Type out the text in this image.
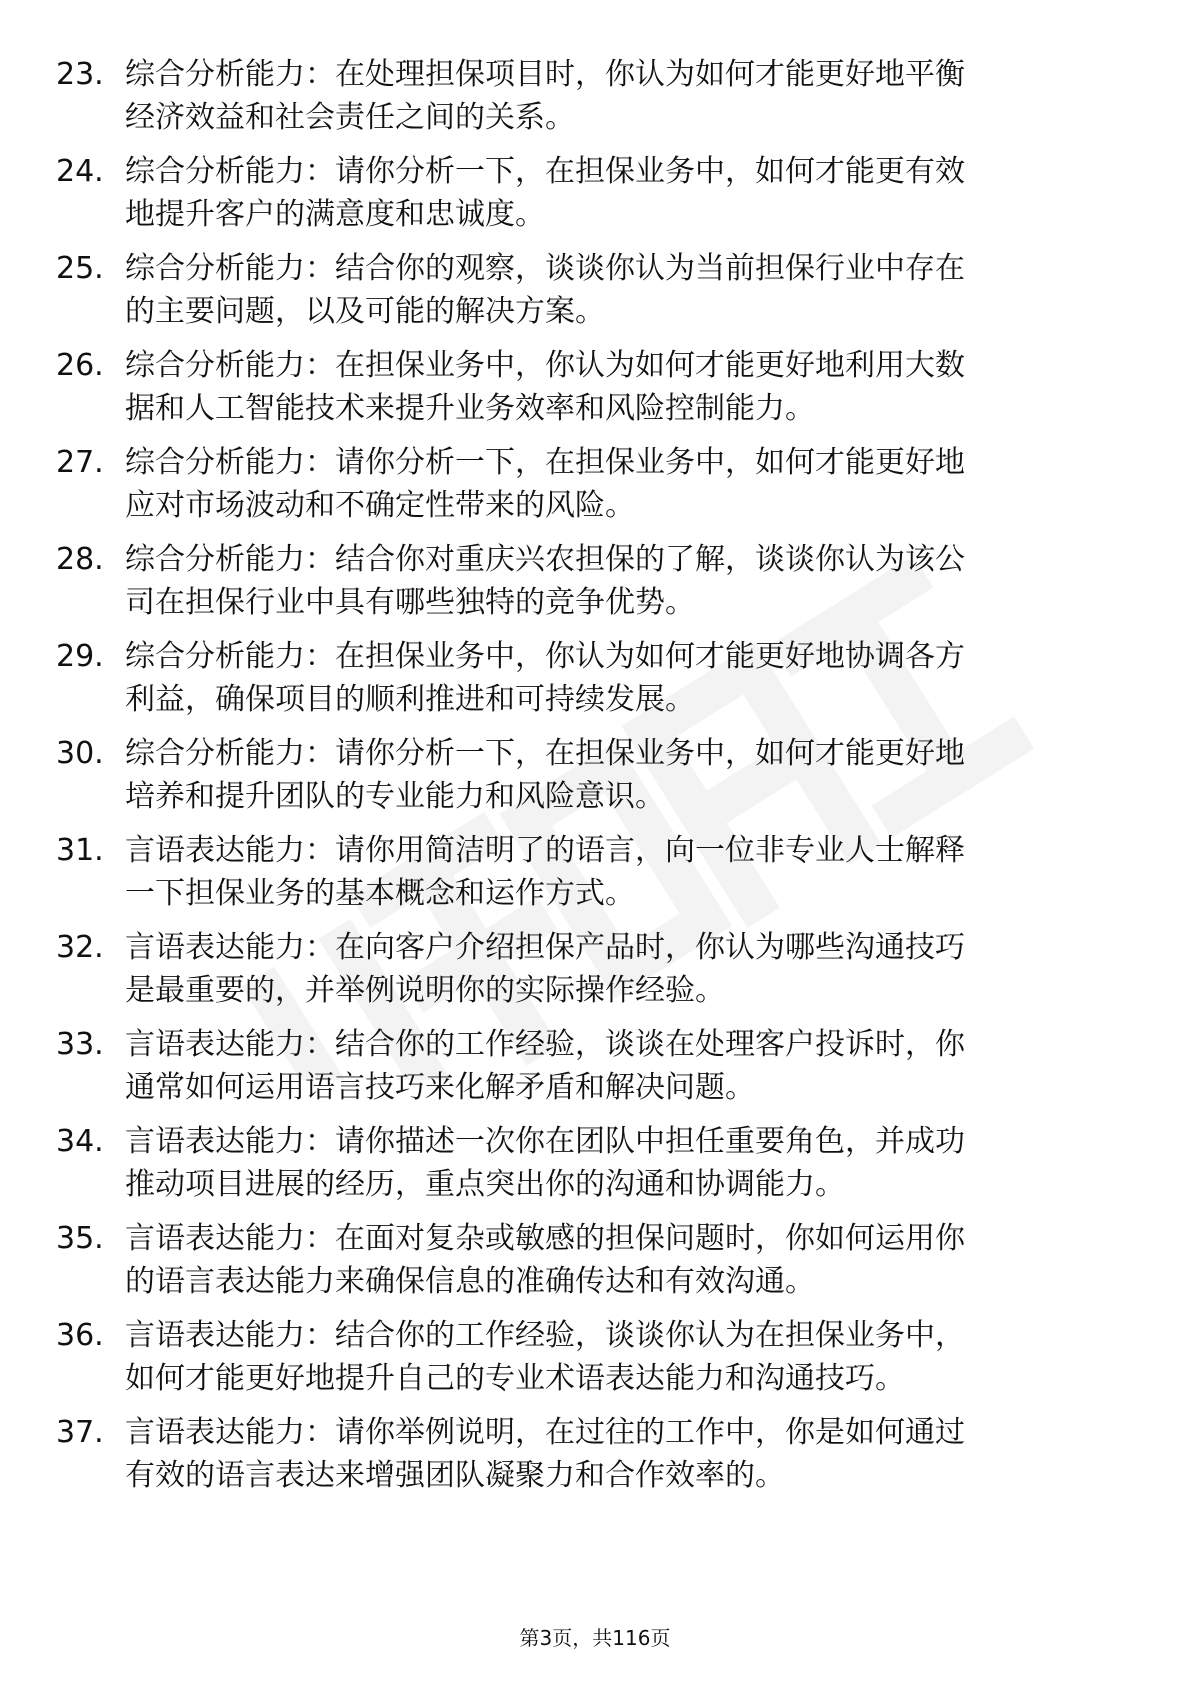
23. 综合分析能力：在处理担保项目时，你认为如何才能更好地平衡
经济效益和社会责任之间的关系。
24. 综合分析能力：请你分析一下，在担保业务中，如何才能更有效
地提升客户的满意度和忠诚度。
25. 综合分析能力：结合你的观察，谈谈你认为当前担保行业中存在
的主要问题，以及可能的解决方案。
26. 综合分析能力：在担保业务中，你认为如何才能更好地利用大数
据和人工智能技术来提升业务效率和风险控制能力。
27. 综合分析能力：请你分析一下，在担保业务中，如何才能更好地
应对市场波动和不确定性带来的风险。
28. 综合分析能力：结合你对重庆兴农担保的了解，谈谈你认为该公
司在担保行业中具有哪些独特的竞争优势。
29. 综合分析能力：在担保业务中，你认为如何才能更好地协调各方
利益，确保项目的顺利推进和可持续发展。
30. 综合分析能力：请你分析一下，在担保业务中，如何才能更好地
培养和提升团队的专业能力和风险意识。
31. 言语表达能力：请你用简洁明了的语言，向一位非专业人士解释
一下担保业务的基本概念和运作方式。
32. 言语表达能力：在向客户介绍担保产品时，你认为哪些沟通技巧
是最重要的，并举例说明你的实际操作经验。
33. 言语表达能力：结合你的工作经验，谈谈在处理客户投诉时，你
通常如何运用语言技巧来化解矛盾和解决问题。
34. 言语表达能力：请你描述一次你在团队中担任重要角色，并成功
推动项目进展的经历，重点突出你的沟通和协调能力。
35. 言语表达能力：在面对复杂或敏感的担保问题时，你如何运用你
的语言表达能力来确保信息的准确传达和有效沟通。
36. 言语表达能力：结合你的工作经验，谈谈你认为在担保业务中，
如何才能更好地提升自己的专业术语表达能力和沟通技巧。
37. 言语表达能力：请你举例说明，在过往的工作中，你是如何通过
有效的语言表达来增强团队凝聚力和合作效率的。
第3页，共116页
